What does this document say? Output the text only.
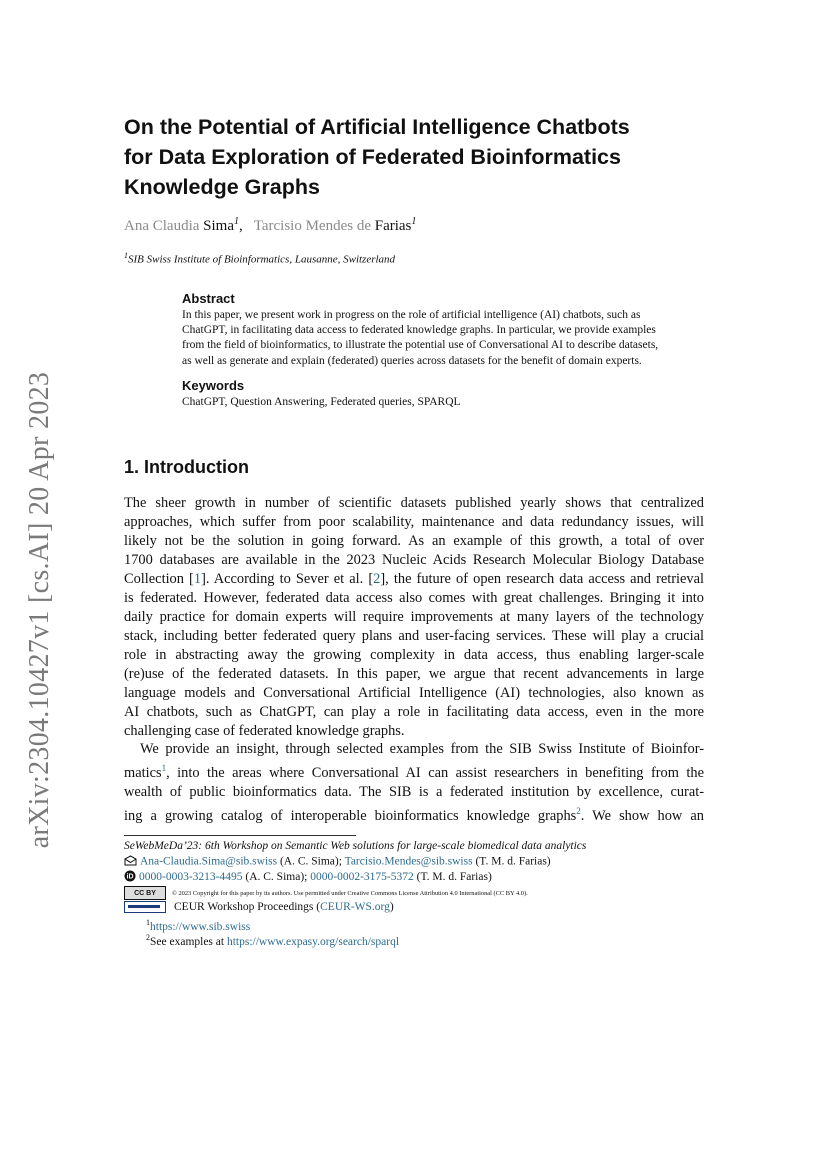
arXiv:2304.10427v1 [cs.AI] 20 Apr 2023
On the Potential of Artificial Intelligence Chatbots
for Data Exploration of Federated Bioinformatics
Knowledge Graphs
Ana Claudia Sima$^1$, Tarcisio Mendes de Farias$^1$
$^1$SIB Swiss Institute of Bioinformatics, Lausanne, Switzerland
Abstract
In this paper, we present work in progress on the role of artificial intelligence (AI) chatbots, such as
ChatGPT, in facilitating data access to federated knowledge graphs. In particular, we provide examples
from the field of bioinformatics, to illustrate the potential use of Conversational AI to describe datasets,
as well as generate and explain (federated) queries across datasets for the benefit of domain experts.
Keywords
ChatGPT, Question Answering, Federated queries, SPARQL
1. Introduction
The sheer growth in number of scientific datasets published yearly shows that centralized
approaches, which suffer from poor scalability, maintenance and data redundancy issues, will
likely not be the solution in going forward. As an example of this growth, a total of over
1700 databases are available in the 2023 Nucleic Acids Research Molecular Biology Database
Collection [1]. According to Sever et al. [2], the future of open research data access and retrieval
is federated. However, federated data access also comes with great challenges. Bringing it into
daily practice for domain experts will require improvements at many layers of the technology
stack, including better federated query plans and user-facing services. These will play a crucial
role in abstracting away the growing complexity in data access, thus enabling larger-scale
(re)use of the federated datasets. In this paper, we argue that recent advancements in large
language models and Conversational Artificial Intelligence (AI) technologies, also known as
AI chatbots, such as ChatGPT, can play a role in facilitating data access, even in the more
challenging case of federated knowledge graphs.
We provide an insight, through selected examples from the SIB Swiss Institute of Bioinfor-
matics$^1$, into the areas where Conversational AI can assist researchers in benefiting from the
wealth of public bioinformatics data. The SIB is a federated institution by excellence, curat-
ing a growing catalog of interoperable bioinformatics knowledge graphs$^2$. We show how an
SeWebMeDa’23: 6th Workshop on Semantic Web solutions for large-scale biomedical data analytics
Ana-Claudia.Sima@sib.swiss (A. C. Sima); Tarcisio.Mendes@sib.swiss (T. M. d. Farias)
iD 0000-0003-3213-4495 (A. C. Sima); 0000-0002-3175-5372 (T. M. d. Farias)
CC BY	© 2023 Copyright for this paper by its authors. Use permitted under Creative Commons License Attribution 4.0 International (CC BY 4.0).
CEUR Workshop Proceedings ( CEUR-WS.org )
$^1$https://www.sib.swiss
$^2$See examples at https://www.expasy.org/search/sparql
